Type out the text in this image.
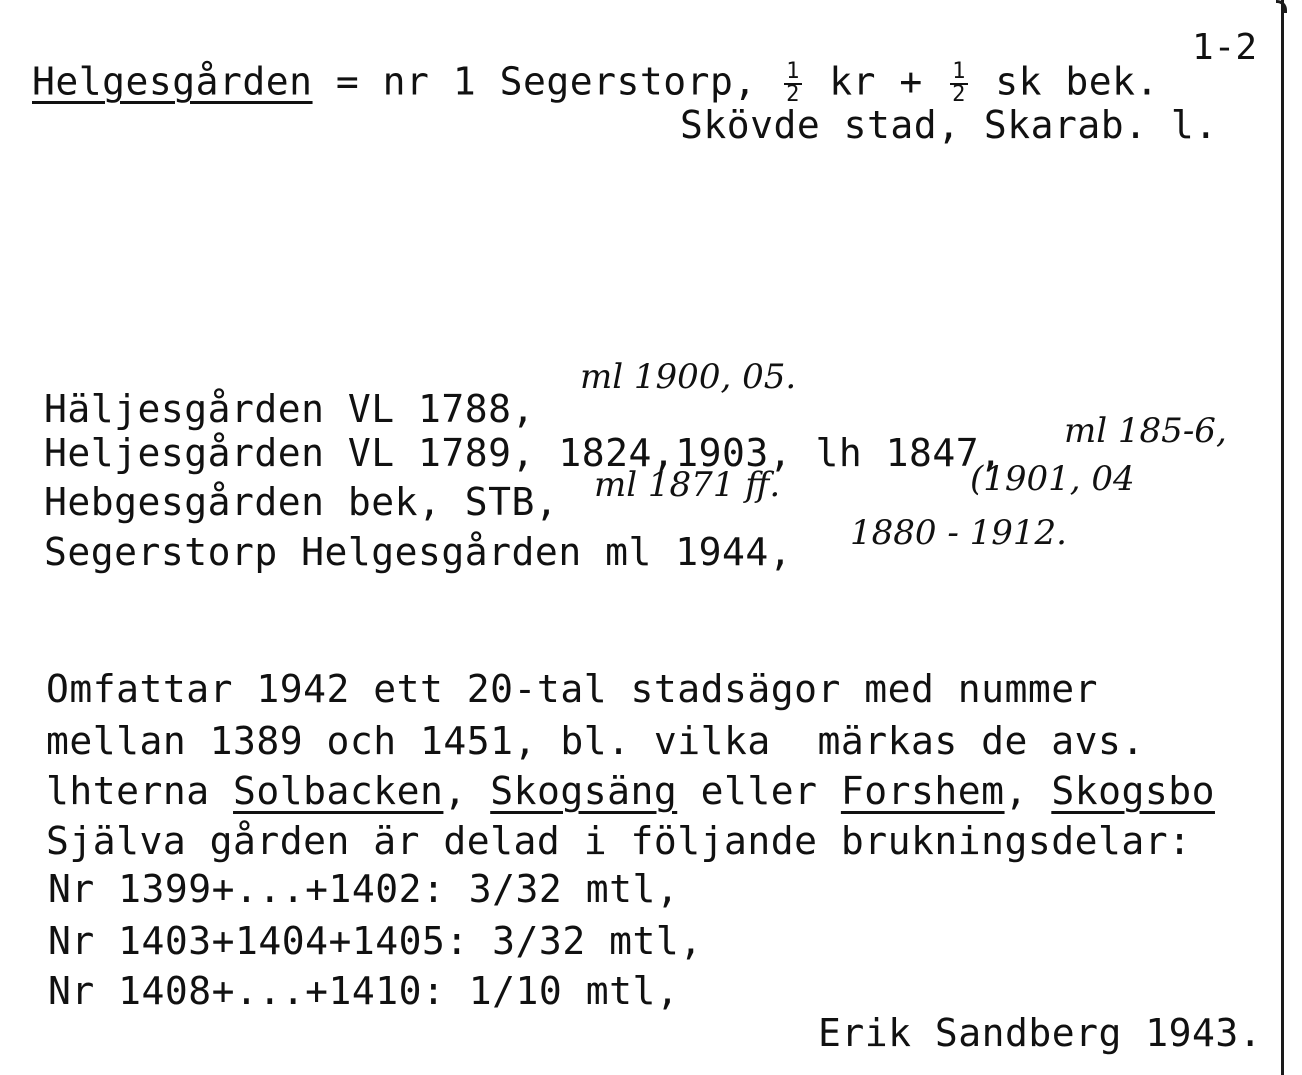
1-2
Helgesgården = nr 1 Segerstorp, $\frac{1}{2}$ kr + $\frac{1}{2}$ sk bek.
Skövde stad, Skarab. l.
Häljesgården VL 1788,
ml 1900, 05.
Heljesgården VL 1789, 1824,1903, lh 1847, ml 185-6,
Hebgesgården bek, STB, ml 1871 ff.	(1901, 04
Segerstorp Helgesgården ml 1944, 1880 - 1912.
Omfattar 1942 ett 20-tal stadsägor med nummer
mellan 1389 och 1451, bl. vilka  märkas de avs.
lhterna Solbacken, Skogsäng eller Forshem, Skogsbo
Själva gården är delad i följande brukningsdelar:
Nr 1399+...+1402: 3/32 mtl,
Nr 1403+1404+1405: 3/32 mtl,
Nr 1408+...+1410: 1/10 mtl,
Erik Sandberg 1943.
